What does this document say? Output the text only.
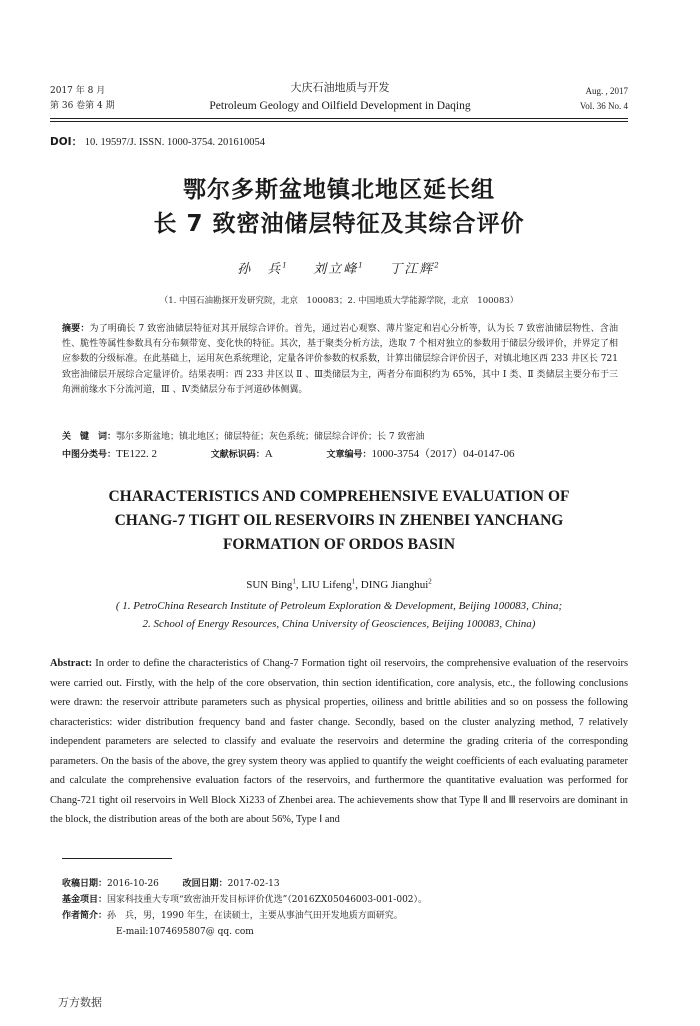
2017 年 8 月
第 36 卷第 4 期
大庆石油地质与开发
Petroleum Geology and Oilfield Development in Daqing
Aug. , 2017
Vol. 36 No. 4
DOI： 10. 19597/J. ISSN. 1000-3754. 201610054
鄂尔多斯盆地镇北地区延长组
长 7 致密油储层特征及其综合评价
孙　兵$^1$ 刘立峰$^1$ 丁江辉$^2$
（1. 中国石油勘探开发研究院，北京　100083；2. 中国地质大学能源学院，北京　100083）
摘要：为了明确长 7 致密油储层特征对其开展综合评价。首先，通过岩心观察、薄片鉴定和岩心分析等，认为长 7 致密油储层物性、含油性、脆性等属性参数具有分布频带宽、变化快的特征。其次，基于聚类分析方法，选取 7 个相对独立的参数用于储层分级评价，并界定了相应参数的分级标准。在此基础上，运用灰色系统理论，定量各评价参数的权系数，计算出储层综合评价因子，对镇北地区西 233 井区长 721 致密油储层开展综合定量评价。结果表明：西 233 井区以 Ⅱ 、Ⅲ类储层为主，两者分布面积约为 65%，其中 Ⅰ 类、Ⅱ 类储层主要分布于三角洲前缘水下分流河道，Ⅲ 、Ⅳ类储层分布于河道砂体侧翼。
关　键　词：鄂尔多斯盆地；镇北地区；储层特征；灰色系统；储层综合评价；长 7 致密油
中图分类号：TE122. 2	文献标识码：A	文章编号：1000-3754（2017）04-0147-06
CHARACTERISTICS AND COMPREHENSIVE EVALUATION OF
CHANG-7 TIGHT OIL RESERVOIRS IN ZHENBEI YANCHANG
FORMATION OF ORDOS BASIN
SUN Bing$^1$, LIU Lifeng$^1$, DING Jianghui$^2$
( 1. PetroChina Research Institute of Petroleum Exploration & Development, Beijing 100083, China;
2. School of Energy Resources, China University of Geosciences, Beijing 100083, China)
Abstract: In order to define the characteristics of Chang-7 Formation tight oil reservoirs, the comprehensive evaluation of the reservoirs were carried out. Firstly, with the help of the core observation, thin section identification, core analysis, etc., the following conclusions were drawn: the reservoir attribute parameters such as physical properties, oiliness and brittle abilities and so on possess the following characteristics: wider distribution frequency band and faster change. Secondly, based on the cluster analyzing method, 7 relatively independent parameters are selected to classify and evaluate the reservoirs and determine the grading criteria of the corresponding parameters. On the basis of the above, the grey system theory was applied to quantify the weight coefficients of each evaluating parameter and calculate the comprehensive evaluation factors of the reservoirs, and furthermore the quantitative evaluation was performed for Chang-721 tight oil reservoirs in Well Block Xi233 of Zhenbei area. The achievements show that Type Ⅱ and Ⅲ reservoirs are dominant in the block, the distribution areas of the both are about 56%, Type Ⅰ and
收稿日期：2016-10-26	改回日期：2017-02-13
基金项目：国家科技重大专项“致密油开发目标评价优选”（2016ZX05046003-001-002）。
作者简介：孙　兵，男，1990 年生，在读硕士，主要从事油气田开发地质方面研究。
E-mail:1074695807@ qq. com
万方数据
